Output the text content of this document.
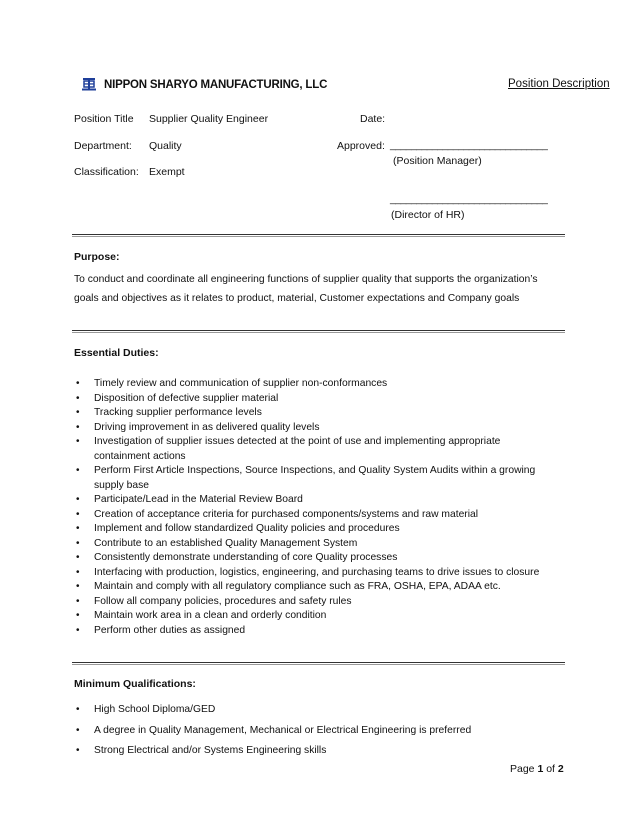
NIPPON SHARYO MANUFACTURING, LLC	Position Description
Position Title Supplier Quality Engineer	Date:
Department: Quality	Approved: ______________________________
(Position Manager)
Classification: Exempt
______________________________
(Director of HR)
Purpose:
To conduct and coordinate all engineering functions of supplier quality that supports the organization’s
goals and objectives as it relates to product, material, Customer expectations and Company goals
Essential Duties:
• Timely review and communication of supplier non-conformances
• Disposition of defective supplier material
• Tracking supplier performance levels
• Driving improvement in as delivered quality levels
• Investigation of supplier issues detected at the point of use and implementing appropriate
containment actions
• Perform First Article Inspections, Source Inspections, and Quality System Audits within a growing
supply base
• Participate/Lead in the Material Review Board
• Creation of acceptance criteria for purchased components/systems and raw material
• Implement and follow standardized Quality policies and procedures
• Contribute to an established Quality Management System
• Consistently demonstrate understanding of core Quality processes
• Interfacing with production, logistics, engineering, and purchasing teams to drive issues to closure
• Maintain and comply with all regulatory compliance such as FRA, OSHA, EPA, ADAA etc.
• Follow all company policies, procedures and safety rules
• Maintain work area in a clean and orderly condition
• Perform other duties as assigned
Minimum Qualifications:
• High School Diploma/GED
• A degree in Quality Management, Mechanical or Electrical Engineering is preferred
• Strong Electrical and/or Systems Engineering skills
Page 1 of 2
